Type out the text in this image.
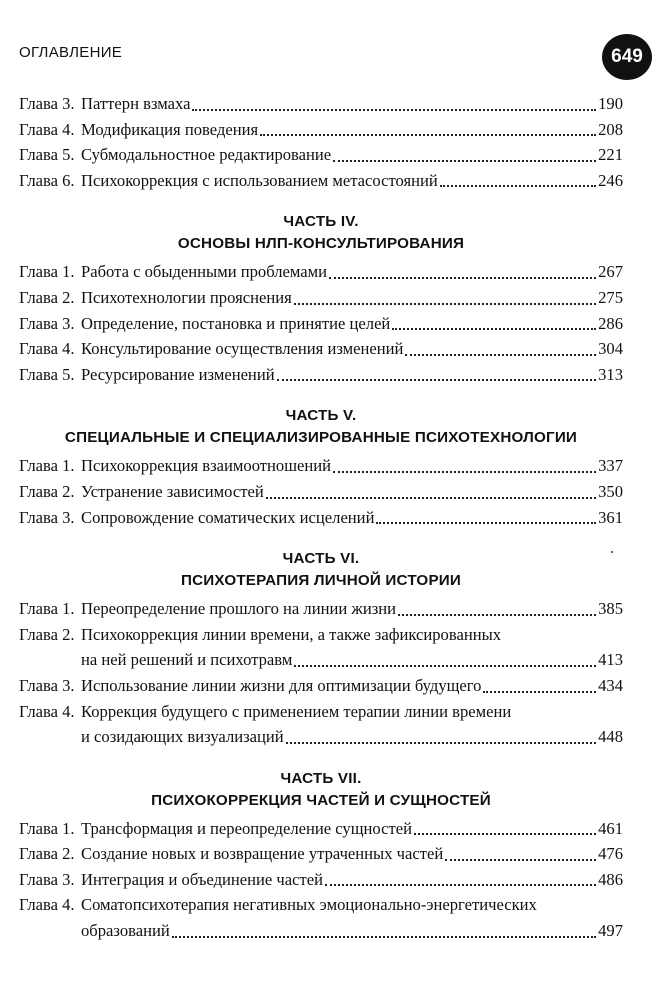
ОГЛАВЛЕНИЕ	649
Глава 3. Паттерн взмаха	190
Глава 4. Модификация поведения	208
Глава 5. Субмодальностное редактирование	221
Глава 6. Психокоррекция с использованием метасостояний	246
ЧАСТЬ IV.
ОСНОВЫ НЛП-КОНСУЛЬТИРОВАНИЯ
Глава 1. Работа с обыденными проблемами	267
Глава 2. Психотехнологии прояснения	275
Глава 3. Определение, постановка и принятие целей	286
Глава 4. Консультирование осуществления изменений	304
Глава 5. Ресурсирование изменений	313
ЧАСТЬ V.
СПЕЦИАЛЬНЫЕ И СПЕЦИАЛИЗИРОВАННЫЕ ПСИХОТЕХНОЛОГИИ
Глава 1. Психокоррекция взаимоотношений	337
Глава 2. Устранение зависимостей	350
Глава 3. Сопровождение соматических исцелений	361
ЧАСТЬ VI.
ПСИХОТЕРАПИЯ ЛИЧНОЙ ИСТОРИИ
Глава 1. Переопределение прошлого на линии жизни	385
Глава 2. Психокоррекция линии времени, а также зафиксированных
на ней решений и психотравм	413
Глава 3. Использование линии жизни для оптимизации будущего	434
Глава 4. Коррекция будущего с применением терапии линии времени
и созидающих визуализаций	448
ЧАСТЬ VII.
ПСИХОКОРРЕКЦИЯ ЧАСТЕЙ И СУЩНОСТЕЙ
Глава 1. Трансформация и переопределение сущностей	461
Глава 2. Создание новых и возвращение утраченных частей	476
Глава 3. Интеграция и объединение частей	486
Глава 4. Соматопсихотерапия негативных эмоционально-энергетических
образований	497
